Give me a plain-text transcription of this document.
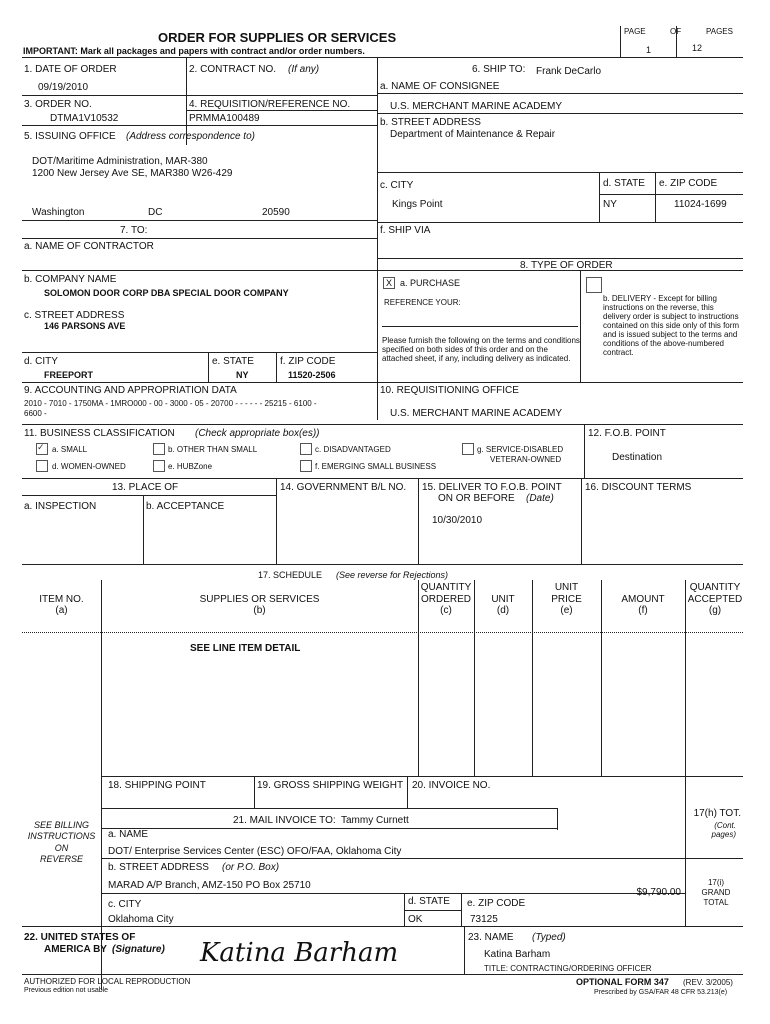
ORDER FOR SUPPLIES OR SERVICES
IMPORTANT: Mark all packages and papers with contract and/or order numbers.
PAGE	OF	PAGES
1	12
1. DATE OF ORDER
09/19/2010
2. CONTRACT NO. (If any)
3. ORDER NO.
DTMA1V10532
4. REQUISITION/REFERENCE NO.
PRMMA100489
5. ISSUING OFFICE (Address correspondence to)
DOT/Maritime Administration, MAR-380
1200 New Jersey Ave SE, MAR380 W26-429
Washington	DC	20590
6. SHIP TO: Frank DeCarlo
a. NAME OF CONSIGNEE
U.S. MERCHANT MARINE ACADEMY
b. STREET ADDRESS
Department of Maintenance & Repair
c. CITY	d. STATE e. ZIP CODE
Kings Point	NY	11024-1699
f. SHIP VIA
7. TO:
a. NAME OF CONTRACTOR
b. COMPANY NAME
SOLOMON DOOR CORP DBA SPECIAL DOOR COMPANY
c. STREET ADDRESS
146 PARSONS AVE
d. CITY
FREEPORT
e. STATE
NY
f. ZIP CODE
11520-2506
8. TYPE OF ORDER
X a. PURCHASE
REFERENCE YOUR:
Please furnish the following on the terms and conditions specified on both sides of this order and on the attached sheet, if any, including delivery as indicated.
b. DELIVERY - Except for billing instructions on the reverse, this delivery order is subject to instructions contained on this side only of this form and is issued subject to the terms and conditions of the above-numbered contract.
9. ACCOUNTING AND APPROPRIATION DATA
2010 - 7010 - 1750MA - 1MRO000 - 00 - 3000 - 05 - 20700 - - - - - - 25215 - 6100 -
6600 -
10. REQUISITIONING OFFICE
U.S. MERCHANT MARINE ACADEMY
11. BUSINESS CLASSIFICATION (Check appropriate box(es))
✓ a. SMALL	b. OTHER THAN SMALL	c. DISADVANTAGED	g. SERVICE-DISABLED
VETERAN-OWNED
d. WOMEN-OWNED	e. HUBZone	f. EMERGING SMALL BUSINESS
12. F.O.B. POINT
Destination
13. PLACE OF
a. INSPECTION	b. ACCEPTANCE
14. GOVERNMENT B/L NO. 15. DELIVER TO F.O.B. POINT
ON OR BEFORE (Date)
10/30/2010
16. DISCOUNT TERMS
17. SCHEDULE (See reverse for Rejections)
ITEM NO.
(a)
SUPPLIES OR SERVICES
(b)
QUANTITY
ORDERED
(c)
UNIT
(d)
UNIT
PRICE
(e)
AMOUNT
(f)
QUANTITY
ACCEPTED
(g)
SEE LINE ITEM DETAIL
18. SHIPPING POINT	19. GROSS SHIPPING WEIGHT 20. INVOICE NO.
21. MAIL INVOICE TO: Tammy Curnett
a. NAME
DOT/ Enterprise Services Center (ESC) OFO/FAA, Oklahoma City
b. STREET ADDRESS (or P.O. Box)
MARAD A/P Branch, AMZ-150 PO Box 25710
c. CITY	d. STATE e. ZIP CODE
Oklahoma City	OK	73125
SEE BILLING
INSTRUCTIONS
ON
REVERSE
17(h) TOT.
(Cont.
pages)
17(i)
GRAND
TOTAL
$9,790.00
22. UNITED STATES OF
AMERICA BY (Signature) Katina Barham
23. NAME (Typed)
Katina Barham
TITLE: CONTRACTING/ORDERING OFFICER
AUTHORIZED FOR LOCAL REPRODUCTION
Previous edition not usable
OPTIONAL FORM 347 (REV. 3/2005)
Prescribed by GSA/FAR 48 CFR 53.213(e)
